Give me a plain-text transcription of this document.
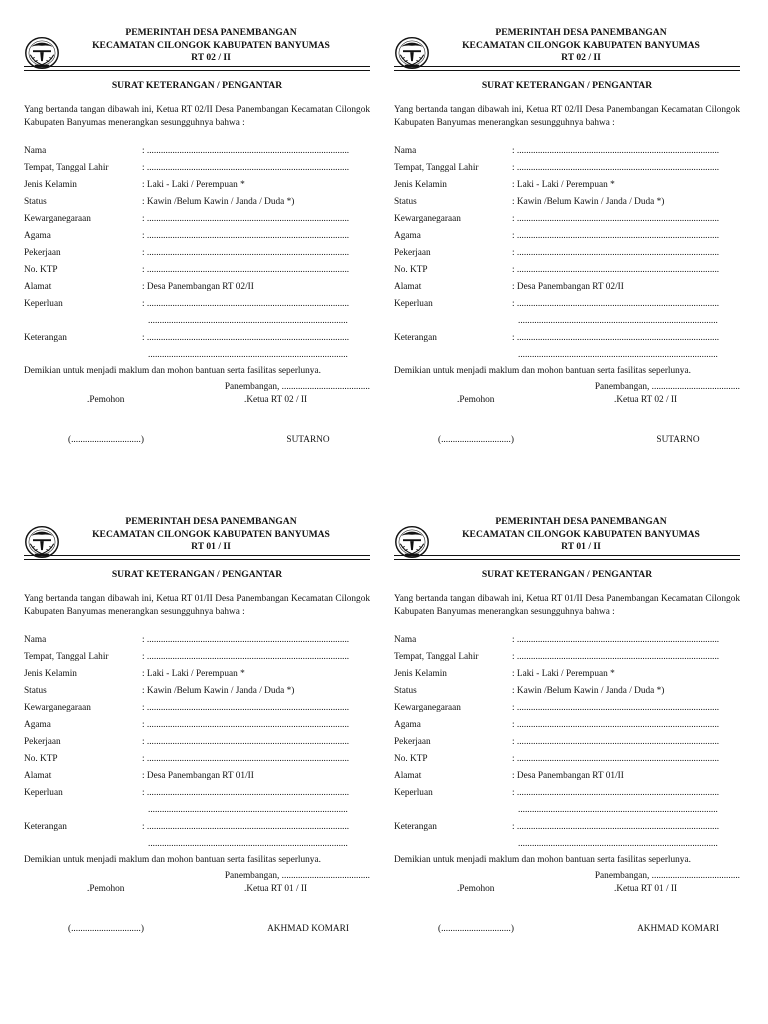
PEMERINTAH DESA PANEMBANGAN
KECAMATAN CILONGOK KABUPATEN BANYUMAS
RT 02 / II
SURAT KETERANGAN / PENGANTAR
Yang bertanda tangan dibawah ini, Ketua RT 02/II Desa Panembangan Kecamatan Cilongok Kabupaten Banyumas menerangkan sesungguhnya bahwa :
Nama	: .......................................................................................
Tempat, Tanggal Lahir	: .......................................................................................
Jenis Kelamin	: Laki - Laki / Perempuan *
Status	: Kawin /Belum Kawin / Janda / Duda *)
Kewarganegaraan	: .......................................................................................
Agama	: .......................................................................................
Pekerjaan	: .......................................................................................
No. KTP	: .......................................................................................
Alamat	: Desa Panembangan RT 02/II
Keperluan	: .......................................................................................
......................................................................................
Keterangan	: .......................................................................................
......................................................................................
Demikian untuk menjadi maklum dan mohon bantuan serta fasilitas seperlunya.
Panembangan, ......................................
.Pemohon	.Ketua RT 02 / II
(..............................)	SUTARNO
PEMERINTAH DESA PANEMBANGAN
KECAMATAN CILONGOK KABUPATEN BANYUMAS
RT 02 / II
SURAT KETERANGAN / PENGANTAR
Yang bertanda tangan dibawah ini, Ketua RT 02/II Desa Panembangan Kecamatan Cilongok Kabupaten Banyumas menerangkan sesungguhnya bahwa :
Nama	: .......................................................................................
Tempat, Tanggal Lahir	: .......................................................................................
Jenis Kelamin	: Laki - Laki / Perempuan *
Status	: Kawin /Belum Kawin / Janda / Duda *)
Kewarganegaraan	: .......................................................................................
Agama	: .......................................................................................
Pekerjaan	: .......................................................................................
No. KTP	: .......................................................................................
Alamat	: Desa Panembangan RT 02/II
Keperluan	: .......................................................................................
......................................................................................
Keterangan	: .......................................................................................
......................................................................................
Demikian untuk menjadi maklum dan mohon bantuan serta fasilitas seperlunya.
Panembangan, ......................................
.Pemohon	.Ketua RT 02 / II
(..............................)	SUTARNO
PEMERINTAH DESA PANEMBANGAN
KECAMATAN CILONGOK KABUPATEN BANYUMAS
RT 01 / II
SURAT KETERANGAN / PENGANTAR
Yang bertanda tangan dibawah ini, Ketua RT 01/II Desa Panembangan Kecamatan Cilongok Kabupaten Banyumas menerangkan sesungguhnya bahwa :
Nama	: .......................................................................................
Tempat, Tanggal Lahir	: .......................................................................................
Jenis Kelamin	: Laki - Laki / Perempuan *
Status	: Kawin /Belum Kawin / Janda / Duda *)
Kewarganegaraan	: .......................................................................................
Agama	: .......................................................................................
Pekerjaan	: .......................................................................................
No. KTP	: .......................................................................................
Alamat	: Desa Panembangan RT 01/II
Keperluan	: .......................................................................................
......................................................................................
Keterangan	: .......................................................................................
......................................................................................
Demikian untuk menjadi maklum dan mohon bantuan serta fasilitas seperlunya.
Panembangan, ......................................
.Pemohon	.Ketua RT 01 / II
(..............................)	AKHMAD KOMARI
PEMERINTAH DESA PANEMBANGAN
KECAMATAN CILONGOK KABUPATEN BANYUMAS
RT 01 / II
SURAT KETERANGAN / PENGANTAR
Yang bertanda tangan dibawah ini, Ketua RT 01/II Desa Panembangan Kecamatan Cilongok Kabupaten Banyumas menerangkan sesungguhnya bahwa :
Nama	: .......................................................................................
Tempat, Tanggal Lahir	: .......................................................................................
Jenis Kelamin	: Laki - Laki / Perempuan *
Status	: Kawin /Belum Kawin / Janda / Duda *)
Kewarganegaraan	: .......................................................................................
Agama	: .......................................................................................
Pekerjaan	: .......................................................................................
No. KTP	: .......................................................................................
Alamat	: Desa Panembangan RT 01/II
Keperluan	: .......................................................................................
......................................................................................
Keterangan	: .......................................................................................
......................................................................................
Demikian untuk menjadi maklum dan mohon bantuan serta fasilitas seperlunya.
Panembangan, ......................................
.Pemohon	.Ketua RT 01 / II
(..............................)	AKHMAD KOMARI
